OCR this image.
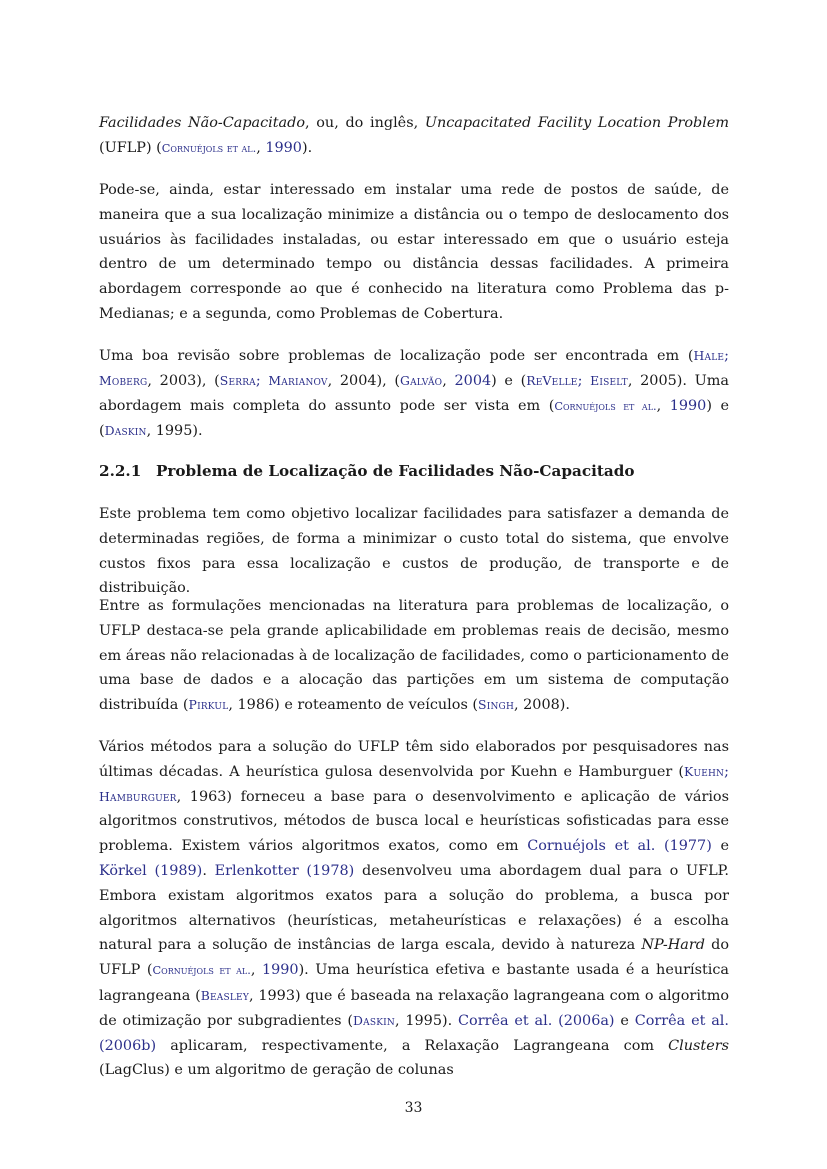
Facilidades Não-Capacitado, ou, do inglês, Uncapacitated Facility Location Problem (UFLP) (Cornuéjols et al., 1990).

Pode-se, ainda, estar interessado em instalar uma rede de postos de saúde, de maneira que a sua localização minimize a distância ou o tempo de deslocamento dos usuários às facilidades instaladas, ou estar interessado em que o usuário esteja dentro de um determinado tempo ou distância dessas facilidades. A primeira abordagem corresponde ao que é conhecido na literatura como Problema das p-Medianas; e a segunda, como Problemas de Cobertura.

Uma boa revisão sobre problemas de localização pode ser encontrada em (Hale; Moberg, 2003), (Serra; Marianov, 2004), (Galvão, 2004) e (ReVelle; Eiselt, 2005). Uma abordagem mais completa do assunto pode ser vista em (Cornuéjols et al., 1990) e (Daskin, 1995).

2.2.1 Problema de Localização de Facilidades Não-Capacitado

Este problema tem como objetivo localizar facilidades para satisfazer a demanda de determinadas regiões, de forma a minimizar o custo total do sistema, que envolve custos fixos para essa localização e custos de produção, de transporte e de distribuição.

Entre as formulações mencionadas na literatura para problemas de localização, o UFLP destaca-se pela grande aplicabilidade em problemas reais de decisão, mesmo em áreas não relacionadas à de localização de facilidades, como o particionamento de uma base de dados e a alocação das partições em um sistema de computação distribuída (Pirkul, 1986) e roteamento de veículos (Singh, 2008).

Vários métodos para a solução do UFLP têm sido elaborados por pesquisadores nas últimas décadas. A heurística gulosa desenvolvida por Kuehn e Hamburguer (Kuehn; Hamburguer, 1963) forneceu a base para o desenvolvimento e aplicação de vários algoritmos construtivos, métodos de busca local e heurísticas sofisticadas para esse problema. Existem vários algoritmos exatos, como em Cornuéjols et al. (1977) e Körkel (1989). Erlenkotter (1978) desenvolveu uma abordagem dual para o UFLP. Embora existam algoritmos exatos para a solução do problema, a busca por algoritmos alternativos (heurísticas, metaheurísticas e relaxações) é a escolha natural para a solução de instâncias de larga escala, devido à natureza NP-Hard do UFLP (Cornuéjols et al., 1990). Uma heurística efetiva e bastante usada é a heurística lagrangeana (Beasley, 1993) que é baseada na relaxação lagrangeana com o algoritmo de otimização por subgradientes (Daskin, 1995). Corrêa et al. (2006a) e Corrêa et al. (2006b) aplicaram, respectivamente, a Relaxação Lagrangeana com Clusters (LagClus) e um algoritmo de geração de colunas

33
